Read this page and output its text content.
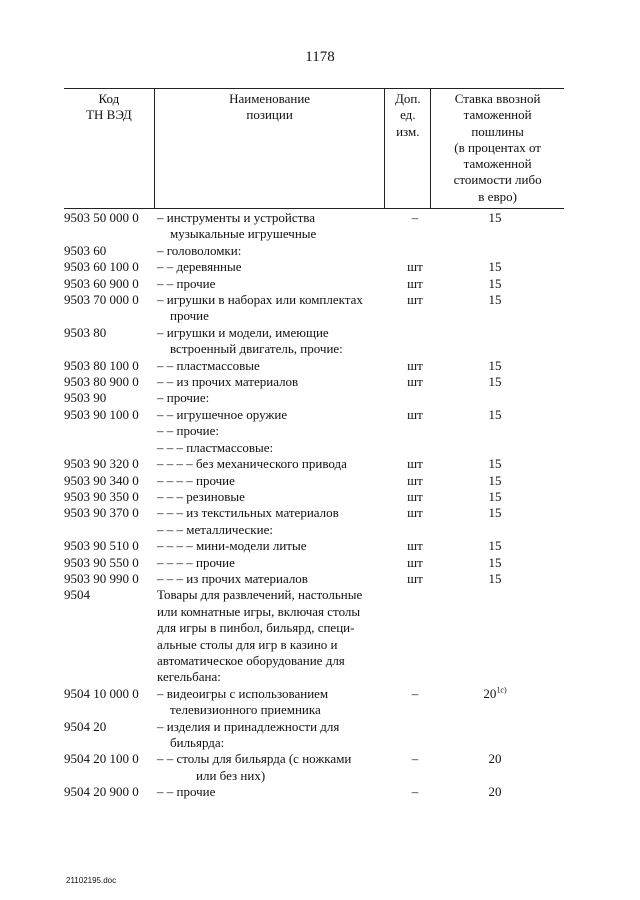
1178
Код
ТН ВЭД
Наименование
позиции
Доп.
ед.
изм.
Ставка ввозной
таможенной
пошлины
(в процентах от
таможенной
стоимости либо
в евро)
9503 50 000 0	– инструменты и устройства
музыкальные игрушечные
–	15
9503 60	– головоломки:
9503 60 100 0	– – деревянные	шт	15
9503 60 900 0	– – прочие	шт	15
9503 70 000 0	– игрушки в наборах или комплектах
прочие
шт	15
9503 80	– игрушки и модели, имеющие
встроенный двигатель, прочие:
9503 80 100 0	– – пластмассовые	шт	15
9503 80 900 0	– – из прочих материалов	шт	15
9503 90	– прочие:
9503 90 100 0	– – игрушечное оружие	шт	15
– – прочие:
– – – пластмассовые:
9503 90 320 0	– – – – без механического привода	шт	15
9503 90 340 0	– – – – прочие	шт	15
9503 90 350 0	– – – резиновые	шт	15
9503 90 370 0	– – – из текстильных материалов	шт	15
– – – металлические:
9503 90 510 0	– – – – мини-модели литые	шт	15
9503 90 550 0	– – – – прочие	шт	15
9503 90 990 0	– – – из прочих материалов	шт	15
9504	Товары для развлечений, настольные
или комнатные игры, включая столы
для игры в пинбол, бильярд, специ-
альные столы для игр в казино и
автоматическое оборудование для
кегельбана:
9504 10 000 0	– видеоигры с использованием
телевизионного приемника
–	$20^{1с)}$
9504 20	– изделия и принадлежности для
бильярда:
9504 20 100 0	– – столы для бильярда (с ножками
или без них)
–	20
9504 20 900 0	– – прочие	–	20
21102195.doc
